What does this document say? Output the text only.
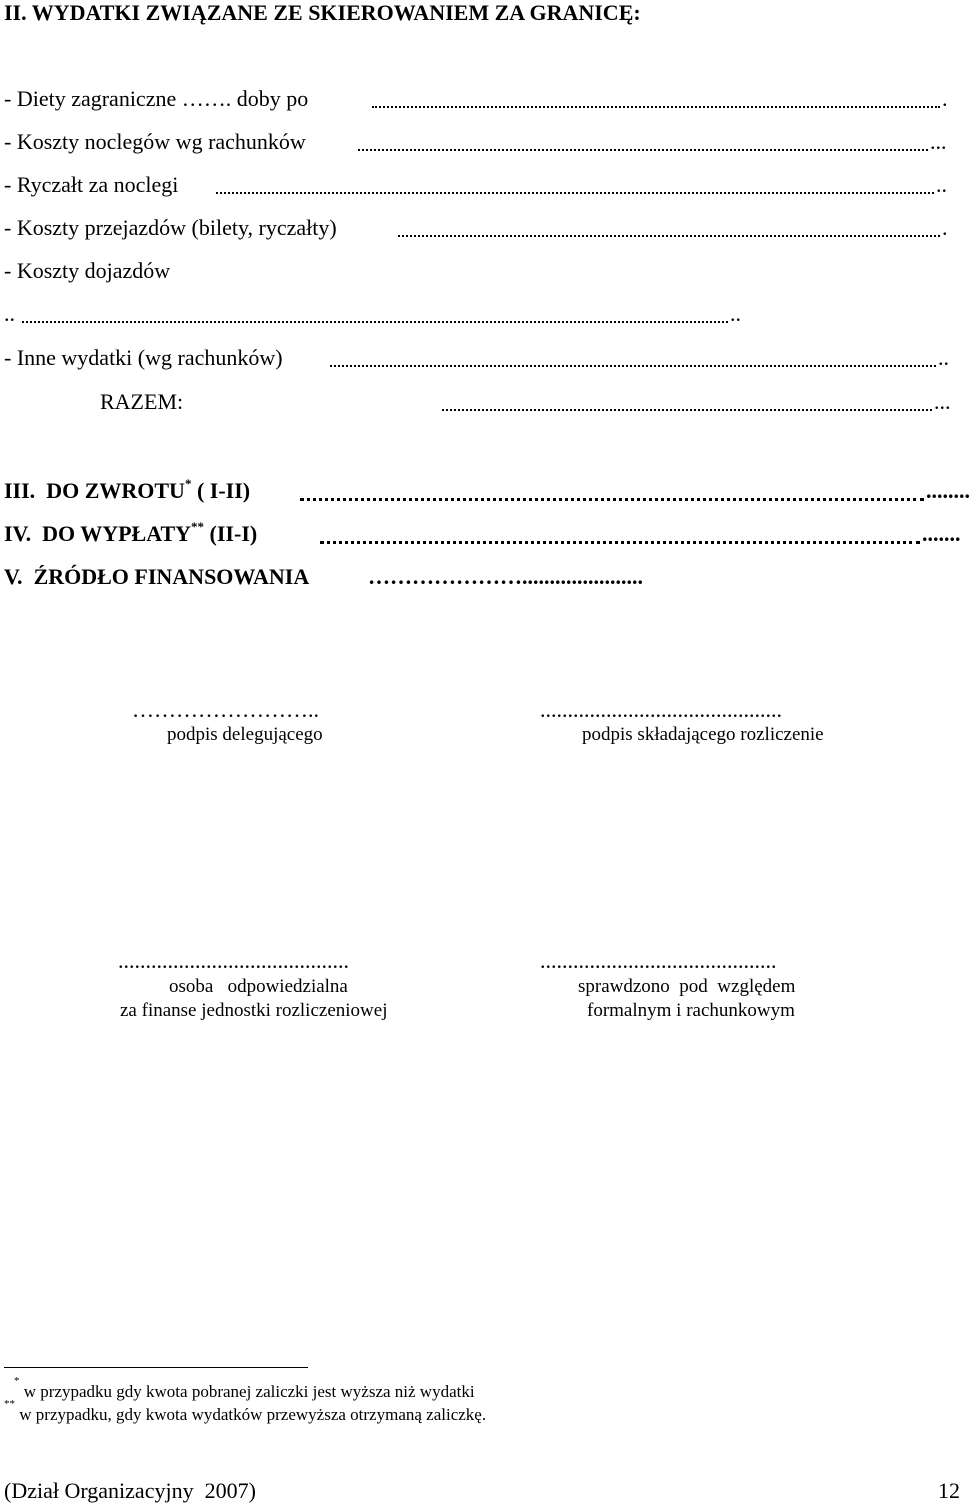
II. WYDATKI ZWIĄZANE ZE SKIEROWANIEM ZA GRANICĘ:
- Diety zagraniczne ……. doby po	.
- Koszty noclegów wg rachunków	...
- Ryczałt za noclegi	..
- Koszty przejazdów (bilety, ryczałty)	.
- Koszty dojazdów
..	..
- Inne wydatki (wg rachunków)	..
RAZEM:	...
III. DO ZWROTU* ( I-II)	........
IV. DO WYPŁATY** (II-I)	.......
V. ŹRÓDŁO FINANSOWANIA	…………………......................
……………………..
podpis delegującego
............................................
podpis składającego rozliczenie
..........................................
osoba   odpowiedzialna
za finanse jednostki rozliczeniowej
...........................................
sprawdzono  pod  względem
formalnym i rachunkowym
* w przypadku gdy kwota pobranej zaliczki jest wyższa niż wydatki
** w przypadku, gdy kwota wydatków przewyższa otrzymaną zaliczkę.
(Dział Organizacyjny  2007)	12
